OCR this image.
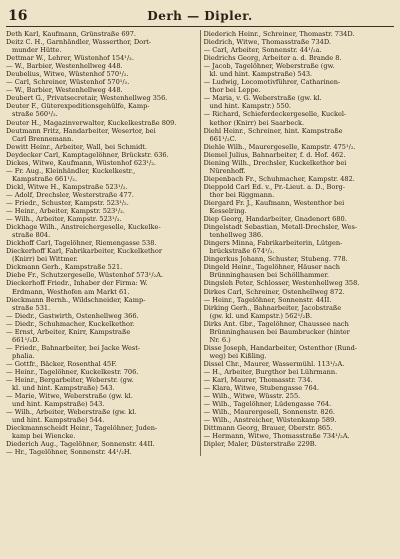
16	Derh — Dipler.
Deth Karl, Kaufmann, Grünstraße 697.
Deitz C. H., Garnhändler, Wasserthor, Dort-
munder Hütte.
Dettmar W., Lehrer, Wüstenhof 154¹/₂.
— W., Barbier, Westenhellweg 448.
Deubelius, Witwe, Wüstenhof 570¹/₂.
— Carl, Schreiner, Wüstenhof 570¹/₂.
— W., Barbier, Westenhellweg 448.
Deubert G., Privatsecretair, Westenhellweg 356.
Deuter F., Güterexpeditionsgehülfe, Kamp-
straße 560¹/₂.
Deuter H., Magazinverwalter, Kuckelkestraße 809.
Deutmann Fritz, Handarbeiter, Wesertor, bei
Carl Brennemann.
Dewitt Heinr., Arbeiter, Wall, bei Schmidt.
Deydecker Carl, Kamptagelöhner, Brückstr. 636.
Dickes, Witwe, Kaufmann, Wüstenhof 623¹/₂.
— Fr. Aug., Kleinhändler, Kuckelkestr.,
Kampstraße 661¹/₂.
Dickl, Witwe H., Kampstraße 523¹/₂.
— Adolf, Drechsler, Westerstraße 477.
— Friedr., Schuster, Kampstr. 523¹/₂.
— Heinr., Arbeiter, Kampstr. 523¹/₂.
— Wilh., Arbeiter, Kampstr. 523¹/₂.
Dickhage Wilh., Anstreichergeselle, Kuckelke-
straße 804.
Dickhoff Carl, Tagelöhner, Riemengasse 538.
Dieckerhoff Karl, Fabrikarbeiter, Kuckelkethor
(Knirr) bei Wittmer.
Dickmann Gerh., Kampstraße 521.
Diebe Fr., Schutzergeselle, Wüstenhof 573¹/₂A.
Dieckerhoff Friedr., Inhaber der Firma: W.
Erdmann, Westhofen am Markt 61.
Dieckmann Bernh., Wildschneider, Kamp-
straße 531.
— Diedr., Gastwirth, Ostenhellweg 366.
— Diedr., Schuhmacher, Kuckelkethor.
— Ernst, Arbeiter, Knirr, Kampstraße
661¹/₂D.
— Friedr., Bahnarbeiter, bei Jacke West-
phalia.
— Gottfr., Bäcker, Rosenthal 45F.
— Heinr., Tagelöhner, Kuckelkestr. 706.
— Heinr., Bergarbeiter, Weberstr. (gw.
kl. und hint. Kampstraße) 543.
— Marie, Witwe, Weberstraße (gw. kl.
und hint. Kampstraße) 543.
— Wilh., Arbeiter, Weberstraße (gw. kl.
und hint. Kampstraße) 544.
Dieckmannscheidt Heinr., Tagelöhner, Juden-
kamp bei Wiencke.
Diederich Aug., Tagelöhner, Sonnenstr. 44II.
— Hr., Tagelöhner, Sonnenstr. 44¹/₂H.
Diederich Heinr., Schreiner, Thomastr. 734D.
Diedrich, Witwe, Thomasstraße 734D.
— Carl, Arbeiter, Sonnenstr. 44¹/₂a.
Diedrichs Georg, Arbeiter a. d. Brande 8.
— Jacob, Tagelöhner, Weberstraße (gw.
kl. und hint. Kampstraße) 543.
— Ludwig, Locomotivführer, Catharinen-
thor bei Leppe.
— Maria, v. G. Weberstraße (gw. kl.
und hint. Kampstr.) 550.
— Richard, Schieferdeckergeselle, Kuckel-
kethor (Knirr) bei Saarbeck.
Diehl Heinr., Schreiner, hint. Kampstraße
661¹/₂C.
Diehle Wilh., Maurergeselle, Kampstr. 475¹/₂.
Diemel Julius, Bahnarbeiter, f. d. Hof. 462.
Diening Wilh., Drechsler, Kuckelkethor bei
Nürenhoff.
Diepenbach Fr., Schuhmacher, Kampstr. 482.
Dieppold Carl Ed. v., Pr.-Lieut. a. D., Borg-
thor bei Riggmann.
Diergard Fr. J., Kaufmann, Westenthor bei
Kesselring.
Diep Georg, Handarbeiter, Gnadenort 680.
Dingelstadt Sebastian, Metall-Drechsler, Wes-
tenhellweg 386.
Dingers Minna, Fabrikarbeiterin, Lütgen-
brückstraße 674¹/₂.
Dingerkus Johann, Schuster, Stubeng. 778.
Dingeld Heinr., Tagelöhner, Häuser nach
Brünninghausen bei Schöllhammer.
Dingsleh Peter, Schlosser, Westenhellweg 358.
Dirkes Carl, Schreiner, Ostenhellweg 872.
— Heinr., Tagelöhner, Sonnenstr. 44II.
Dirking Gerh., Bahnarbeiter, Jacobstraße
(gw. kl. und Kampstr.) 562¹/₂B.
Dirks Ant. Gbr., Tagelöhner, Chaussee nach
Brünninghausen bei Baumbrucker (hinter
Nr. 6.)
Disse Joseph, Handarbeiter, Ostenthor (Rund-
weg) bei Kißling.
Dissel Chr., Maurer, Wassermühl. 113¹/₂A.
— H., Arbeiter, Burgthor bei Lührmann.
— Karl, Maurer, Thomasstr. 734.
— Klara, Witwe, Stubengasse 764.
— Wilh., Witwe, Wüsstr. 255.
— Wilh., Tagelöhner, Lüdengasse 764.
— Wilh., Maurergesell, Sonnenstr. 826.
— Wilh., Anstreicher, Wüstenkamp 589.
Dittmann Georg, Brauer, Oberstr. 865.
— Hermann, Witwe, Thomasstraße 734¹/₂A.
Dipler, Maler, Düsterstraße 229B.
